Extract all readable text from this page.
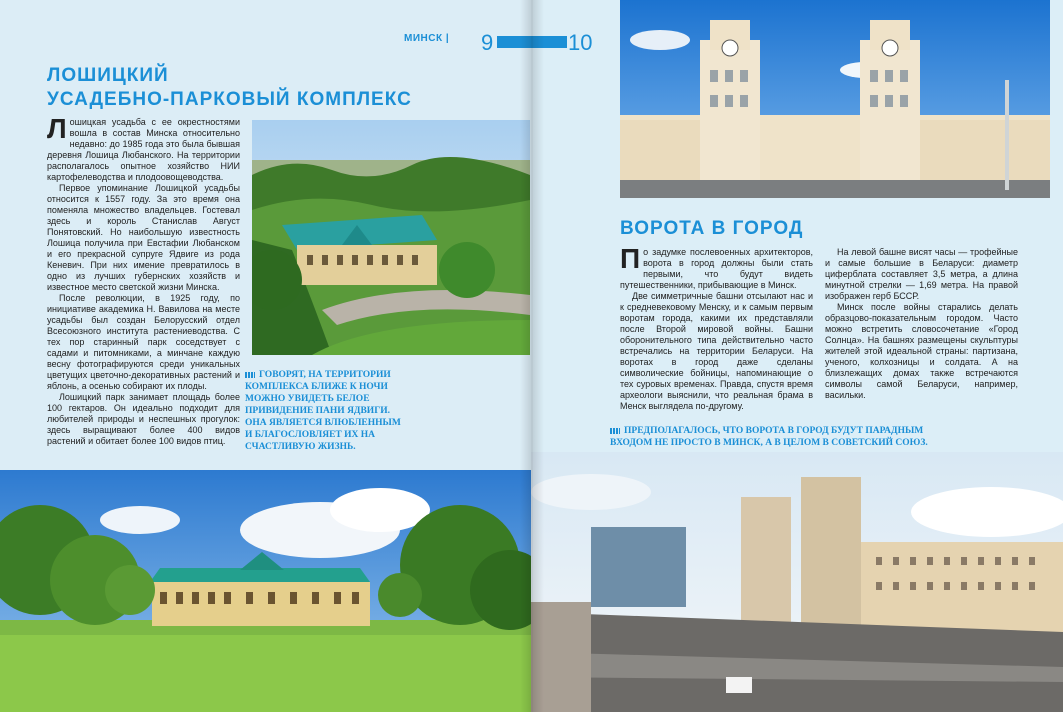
МИНСК | 9
ЛОШИЦКИЙ
УСАДЕБНО-ПАРКОВЫЙ КОМПЛЕКС

Лошицкая усадьба с ее окрестностями вошла в состав Минска относительно недавно: до 1985 года это была бывшая деревня Лошица Любанского. На территории располагалось опытное хозяйство НИИ картофелеводства и плодоовощеводства.

Первое упоминание Лошицкой усадьбы относится к 1557 году. За это время она поменяла множество владельцев. Гостевал здесь и король Станислав Август Понятовский. Но наибольшую известность Лошица получила при Евстафии Любанском и его прекрасной супруге Ядвиге из рода Кеневич. При них имение превратилось в одно из лучших губернских хозяйств и известное место светской жизни Минска.

После революции, в 1925 году, по инициативе академика Н. Вавилова на месте усадьбы был создан Белорусский отдел Всесоюзного института растениеводства. С тех пор старинный парк соседствует с садами и питомниками, а минчане каждую весну фотографируются среди уникальных цветущих цветочно-декоративных растений и яблонь, а осенью собирают их плоды.

Лошицкий парк занимает площадь более 100 гектаров. Он идеально подходит для любителей природы и неспешных прогулок: здесь выращивают более 400 видов растений и обитает более 100 видов птиц.

ГОВОРЯТ, НА ТЕРРИТОРИИ КОМПЛЕКСА БЛИЖЕ К НОЧИ МОЖНО УВИДЕТЬ БЕЛОЕ ПРИВИДЕНИЕ ПАНИ ЯДВИГИ. ОНА ЯВЛЯЕТСЯ ВЛЮБЛЕННЫМ И БЛАГОСЛОВЛЯЕТ ИХ НА СЧАСТЛИВУЮ ЖИЗНЬ.
ВОРОТА В ГОРОД

По задумке послевоенных архитекторов, ворота в город должны были стать первыми, что будут видеть путешественники, прибывающие в Минск.

Две симметричные башни отсылают нас и к средневековому Менску, и к самым первым воротам города, какими их представляли после Второй мировой войны. Башни оборонительного типа действительно часто встречались на территории Беларуси. На воротах в город даже сделаны символические бойницы, напоминающие о тех суровых временах. Правда, спустя время археологи выяснили, что реальная брама в Менск выглядела по-другому.

На левой башне висят часы — трофейные и самые большие в Беларуси: диаметр циферблата составляет 3,5 метра, а длина минутной стрелки — 1,69 метра. На правой изображен герб БССР.

Минск после войны старались делать образцово-показательным городом. Часто можно встретить словосочетание «Город Солнца». На башнях размещены скульптуры жителей этой идеальной страны: партизана, ученого, колхозницы и солдата. А на близлежащих домах также встречаются символы самой Беларуси, например, васильки.

ПРЕДПОЛАГАЛОСЬ, ЧТО ВОРОТА В ГОРОД БУДУТ ПАРАДНЫМ ВХОДОМ НЕ ПРОСТО В МИНСК, А В ЦЕЛОМ В СОВЕТСКИЙ СОЮЗ.
10
